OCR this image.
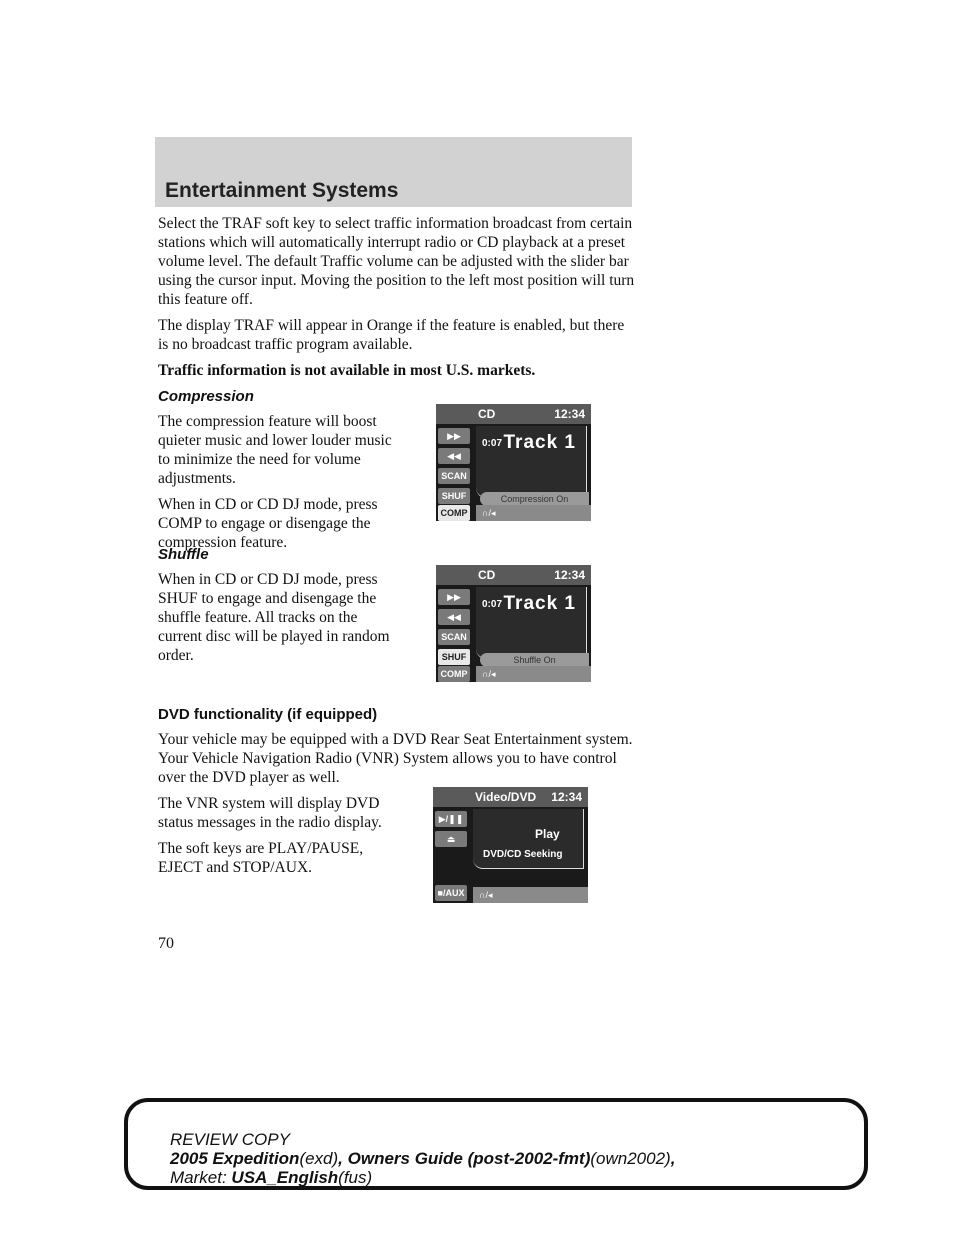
Entertainment Systems

Select the TRAF soft key to select traffic information broadcast from certain stations which will automatically interrupt radio or CD playback at a preset volume level. The default Traffic volume can be adjusted with the slider bar using the cursor input. Moving the position to the left most position will turn this feature off.

The display TRAF will appear in Orange if the feature is enabled, but there is no broadcast traffic program available.

Traffic information is not available in most U.S. markets.

Compression

The compression feature will boost quieter music and lower louder music to minimize the need for volume adjustments.

When in CD or CD DJ mode, press COMP to engage or disengage the compression feature.

Shuffle

When in CD or CD DJ mode, press SHUF to engage and disengage the shuffle feature. All tracks on the current disc will be played in random order.

DVD functionality (if equipped)

Your vehicle may be equipped with a DVD Rear Seat Entertainment system. Your Vehicle Navigation Radio (VNR) System allows you to have control over the DVD player as well.

The VNR system will display DVD status messages in the radio display.

The soft keys are PLAY/PAUSE, EJECT and STOP/AUX.

CD	12:34
▶▶
◀◀
SCAN
SHUF
COMP
0:07 Track 1
Compression On
∩/◂
CD	12:34
▶▶
◀◀
SCAN
SHUF
COMP
0:07 Track 1
Shuffle On
∩/◂
Video/DVD 12:34
▶/❚❚
⏏	Play
DVD/CD Seeking
■/AUX	∩/◂
70
REVIEW COPY
2005 Expedition(exd), Owners Guide (post-2002-fmt)(own2002),
Market: USA_English(fus)
